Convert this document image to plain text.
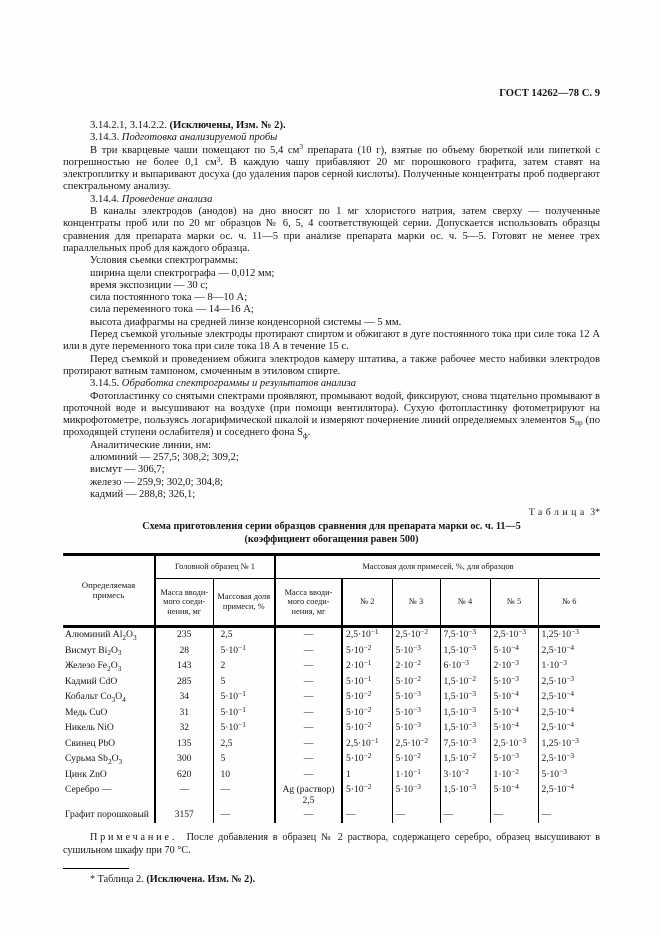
ГОСТ 14262—78 С. 9

3.14.2.1, 3.14.2.2. (Исключены, Изм. № 2).

3.14.3. Подготовка анализируемой пробы

В три кварцевые чаши помещают по 5,4 $см^3$ препарата (10 г), взятые по объему бюреткой или пипеткой с погрешностью не более 0,1 $см^3$. В каждую чашу прибавляют 20 мг порошкового графита, затем ставят на электроплитку и выпаривают досуха (до удаления паров серной кислоты). Полученные концентраты проб подвергают спектральному анализу.

3.14.4. Проведение анализа

В каналы электродов (анодов) на дно вносят по 1 мг хлористого натрия, затем сверху — полученные концентраты проб или по 20 мг образцов № 6, 5, 4 соответствующей серии. Допускается использовать образцы сравнения для препарата марки ос. ч. 11—5 при анализе препарата марки ос. ч. 5—5. Готовят не менее трех параллельных проб для каждого образца.

Условия съемки спектрограммы:

ширина щели спектрографа — 0,012 мм;

время экспозиции — 30 с;

сила постоянного тока — 8—10 А;

сила переменного тока — 14—16 А;

высота диафрагмы на средней линзе конденсорной системы — 5 мм.

Перед съемкой угольные электроды протирают спиртом и обжигают в дуге постоянного тока при силе тока 12 А или в дуге переменного тока при силе тока 18 А в течение 15 с.

Перед съемкой и проведением обжига электродов камеру штатива, а также рабочее место набивки электродов протирают ватным тампоном, смоченным в этиловом спирте.

3.14.5. Обработка спектрограммы и результатов анализа

Фотопластинку со снятыми спектрами проявляют, промывают водой, фиксируют, снова тщательно промывают в проточной воде и высушивают на воздухе (при помощи вентилятора). Сухую фотопластинку фотометрируют на микрофотометре, пользуясь логарифмической шкалой и измеряют почернение линий определяемых элементов $S_{пр}$ (по проходящей ступени ослабителя) и соседнего фона $S_ф$.

Аналитические линии, нм:

алюминий — 257,5; 308,2; 309,2;

висмут — 306,7;

железо — 259,9; 302,0; 304,8;

кадмий — 288,8; 326,1;

Таблица 3*
Схема приготовления серии образцов сравнения для препарата марки ос. ч. 11—5
(коэффициент обогащения равен 500)
Определяемая примесь	Головной образец № 1		Массовая доля примесей, %, для образцов					
	Масса вводимого соединения, мг	Массовая доля примеси, %	Масса вводимого соединения, мг	№ 2	№ 3	№ 4	№ 5	№ 6
Алюминий $Al_2O_3$	235	2,5	—	$2,5\cdot 10^{-1}$	$2,5\cdot 10^{-2}$	$7,5\cdot 10^{-3}$	$2,5\cdot 10^{-3}$	$1,25\cdot 10^{-3}$
Висмут $Bi_2O_3$	28	$5\cdot 10^{-1}$	—	$5\cdot 10^{-2}$	$5\cdot 10^{-3}$	$1,5\cdot 10^{-3}$	$5\cdot 10^{-4}$	$2,5\cdot 10^{-4}$
Железо $Fe_2O_3$	143	2	—	$2\cdot 10^{-1}$	$2\cdot 10^{-2}$	$6\cdot 10^{-3}$	$2\cdot 10^{-3}$	$1\cdot 10^{-3}$
Кадмий CdO	285	5	—	$5\cdot 10^{-1}$	$5\cdot 10^{-2}$	$1,5\cdot 10^{-2}$	$5\cdot 10^{-3}$	$2,5\cdot 10^{-3}$
Кобальт $Co_3O_4$	34	$5\cdot 10^{-1}$	—	$5\cdot 10^{-2}$	$5\cdot 10^{-3}$	$1,5\cdot 10^{-3}$	$5\cdot 10^{-4}$	$2,5\cdot 10^{-4}$
Медь CuO	31	$5\cdot 10^{-1}$	—	$5\cdot 10^{-2}$	$5\cdot 10^{-3}$	$1,5\cdot 10^{-3}$	$5\cdot 10^{-4}$	$2,5\cdot 10^{-4}$
Никель NiO	32	$5\cdot 10^{-1}$	—	$5\cdot 10^{-2}$	$5\cdot 10^{-3}$	$1,5\cdot 10^{-3}$	$5\cdot 10^{-4}$	$2,5\cdot 10^{-4}$
Свинец PbO	135	2,5	—	$2,5\cdot 10^{-1}$	$2,5\cdot 10^{-2}$	$7,5\cdot 10^{-3}$	$2,5\cdot 10^{-3}$	$1,25\cdot 10^{-3}$
Сурьма $Sb_2O_3$	300	5	—	$5\cdot 10^{-2}$	$5\cdot 10^{-2}$	$1,5\cdot 10^{-2}$	$5\cdot 10^{-3}$	$2,5\cdot 10^{-3}$
Цинк ZnO	620	10	—	1	$1\cdot 10^{-1}$	$3\cdot 10^{-2}$	$1\cdot 10^{-2}$	$5\cdot 10^{-3}$
Серебро —	—	—	Ag (раствор) 2,5	$5\cdot 10^{-2}$	$5\cdot 10^{-3}$	$1,5\cdot 10^{-3}$	$5\cdot 10^{-4}$	$2,5\cdot 10^{-4}$
Графит порошковый	3157	—	—	—	—	—	—	—

Примечание. После добавления в образец № 2 раствора, содержащего серебро, образец высушивают в сушильном шкафу при 70 °С.

* Таблица 2. (Исключена. Изм. № 2).
